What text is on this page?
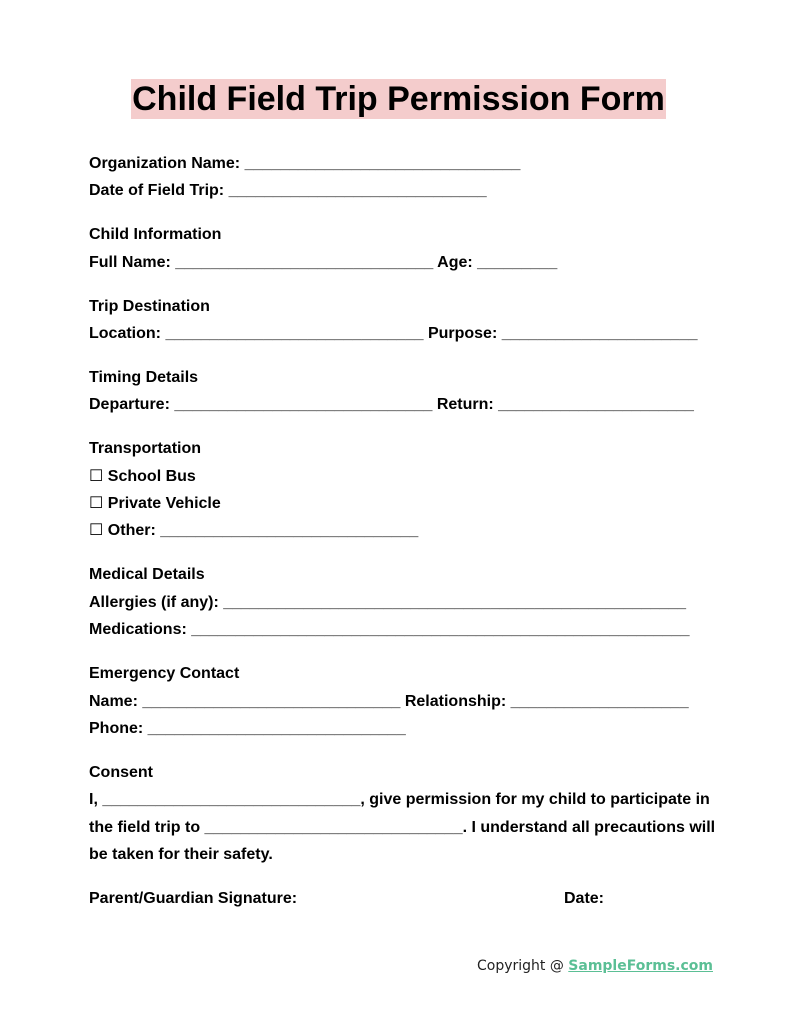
Child Field Trip Permission Form
Organization Name: _______________________________
Date of Field Trip: _____________________________
Child Information
Full Name: _____________________________ Age: _________
Trip Destination
Location: _____________________________ Purpose: ______________________
Timing Details
Departure: _____________________________ Return: ______________________
Transportation
☐ School Bus
☐ Private Vehicle
☐ Other: _____________________________
Medical Details
Allergies (if any): ____________________________________________________
Medications: ________________________________________________________
Emergency Contact
Name: _____________________________ Relationship: ____________________
Phone: _____________________________
Consent
I, _____________________________, give permission for my child to participate in the field trip to _____________________________. I understand all precautions will be taken for their safety.
Parent/Guardian Signature:	Date:
Copyright @ SampleForms.com
